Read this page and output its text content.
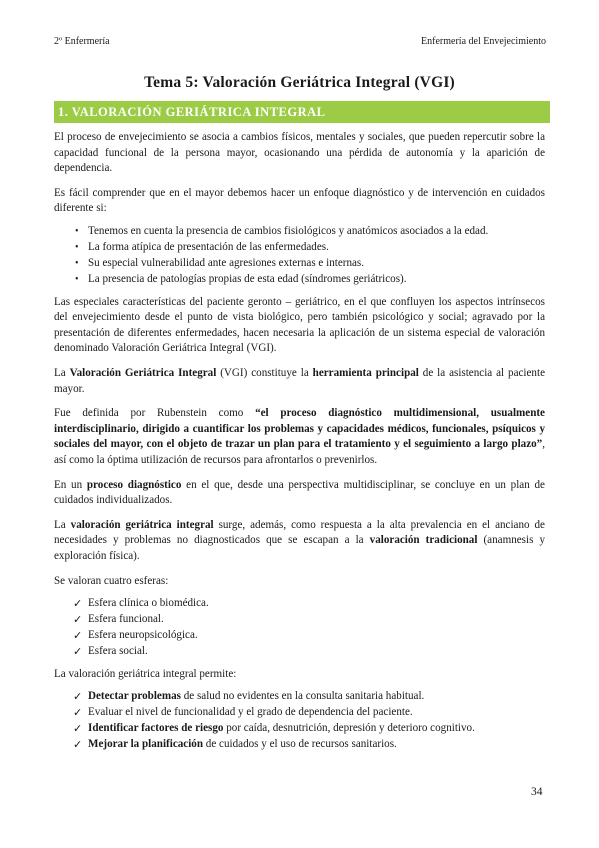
2º Enfermería	Enfermería del Envejecimiento
Tema 5: Valoración Geriátrica Integral (VGI)
1. VALORACIÓN GERIÁTRICA INTEGRAL

El proceso de envejecimiento se asocia a cambios físicos, mentales y sociales, que pueden repercutir sobre la capacidad funcional de la persona mayor, ocasionando una pérdida de autonomía y la aparición de dependencia.

Es fácil comprender que en el mayor debemos hacer un enfoque diagnóstico y de intervención en cuidados diferente si:

• Tenemos en cuenta la presencia de cambios fisiológicos y anatómicos asociados a la edad.
• La forma atípica de presentación de las enfermedades.
• Su especial vulnerabilidad ante agresiones externas e internas.
• La presencia de patologías propias de esta edad (síndromes geriátricos).

Las especiales características del paciente geronto – geriátrico, en el que confluyen los aspectos intrínsecos del envejecimiento desde el punto de vista biológico, pero también psicológico y social; agravado por la presentación de diferentes enfermedades, hacen necesaria la aplicación de un sistema especial de valoración denominado Valoración Geriátrica Integral (VGI).

La Valoración Geriátrica Integral (VGI) constituye la herramienta principal de la asistencia al paciente mayor.

Fue definida por Rubenstein como “el proceso diagnóstico multidimensional, usualmente interdisciplinario, dirigido a cuantificar los problemas y capacidades médicos, funcionales, psíquicos y sociales del mayor, con el objeto de trazar un plan para el tratamiento y el seguimiento a largo plazo”, así como la óptima utilización de recursos para afrontarlos o prevenirlos.

En un proceso diagnóstico en el que, desde una perspectiva multidisciplinar, se concluye en un plan de cuidados individualizados.

La valoración geriátrica integral surge, además, como respuesta a la alta prevalencia en el anciano de necesidades y problemas no diagnosticados que se escapan a la valoración tradicional (anamnesis y exploración física).

Se valoran cuatro esferas:

✓ Esfera clínica o biomédica.
✓ Esfera funcional.
✓ Esfera neuropsicológica.
✓ Esfera social.

La valoración geriátrica integral permite:

✓ Detectar problemas de salud no evidentes en la consulta sanitaria habitual.
✓ Evaluar el nivel de funcionalidad y el grado de dependencia del paciente.
✓ Identificar factores de riesgo por caída, desnutrición, depresión y deterioro cognitivo.
✓ Mejorar la planificación de cuidados y el uso de recursos sanitarios.
34
